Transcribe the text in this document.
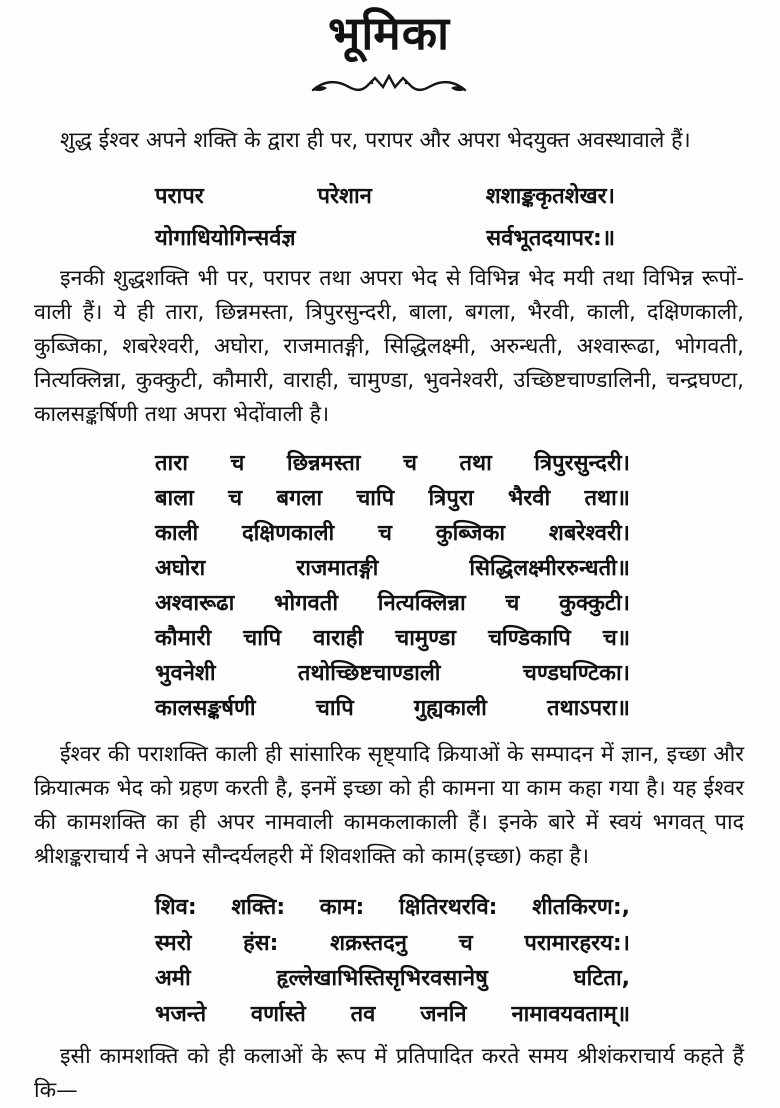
भूमिका

शुद्ध ईश्वर अपने शक्ति के द्वारा ही पर, परापर और अपरा भेदयुक्त अवस्थावाले हैं।

परापर परेशान शशाङ्ककृतशेखर।
योगाधियोगिन्सर्वज्ञ सर्वभूतदयापर:॥

इनकी शुद्धशक्ति भी पर, परापर तथा अपरा भेद से विभिन्न भेद मयी तथा विभिन्न रूपों-वाली हैं। ये ही तारा, छिन्नमस्ता, त्रिपुरसुन्दरी, बाला, बगला, भैरवी, काली, दक्षिणकाली, कुब्जिका, शबरेश्वरी, अघोरा, राजमातङ्गी, सिद्धिलक्ष्मी, अरुन्धती, अश्वारूढा, भोगवती, नित्यक्लिन्ना, कुक्कुटी, कौमारी, वाराही, चामुण्डा, भुवनेश्वरी, उच्छिष्टचाण्डालिनी, चन्द्रघण्टा, कालसङ्कर्षिणी तथा अपरा भेदोंवाली है।

तारा च छिन्नमस्ता च तथा त्रिपुरसुन्दरी।
बाला च बगला चापि त्रिपुरा भैरवी तथा॥
काली दक्षिणकाली च कुब्जिका शबरेश्वरी।
अघोरा राजमातङ्गी सिद्धिलक्ष्मीररुन्धती॥
अश्वारूढा भोगवती नित्यक्लिन्ना च कुक्कुटी।
कौमारी चापि वाराही चामुण्डा चण्डिकापि च॥
भुवनेशी तथोच्छिष्टचाण्डाली चण्डघण्टिका।
कालसङ्कर्षणी चापि गुह्यकाली तथाऽपरा॥

ईश्वर की पराशक्ति काली ही सांसारिक सृष्ट्यादि क्रियाओं के सम्पादन में ज्ञान, इच्छा और क्रियात्मक भेद को ग्रहण करती है, इनमें इच्छा को ही कामना या काम कहा गया है। यह ईश्वर की कामशक्ति का ही अपर नामवाली कामकलाकाली हैं। इनके बारे में स्वयं भगवत् पाद श्रीशङ्कराचार्य ने अपने सौन्दर्यलहरी में शिवशक्ति को काम(इच्छा) कहा है।

शिव: शक्ति: काम: क्षितिरथरवि: शीतकिरण:,
स्मरो हंस: शक्रस्तदनु च परामारहरय:।
अमी हृल्लेखाभिस्तिसृभिरवसानेषु घटिता,
भजन्ते वर्णास्ते तव जननि नामावयवताम्॥

इसी कामशक्ति को ही कलाओं के रूप में प्रतिपादित करते समय श्रीशंकराचार्य कहते हैं कि—
